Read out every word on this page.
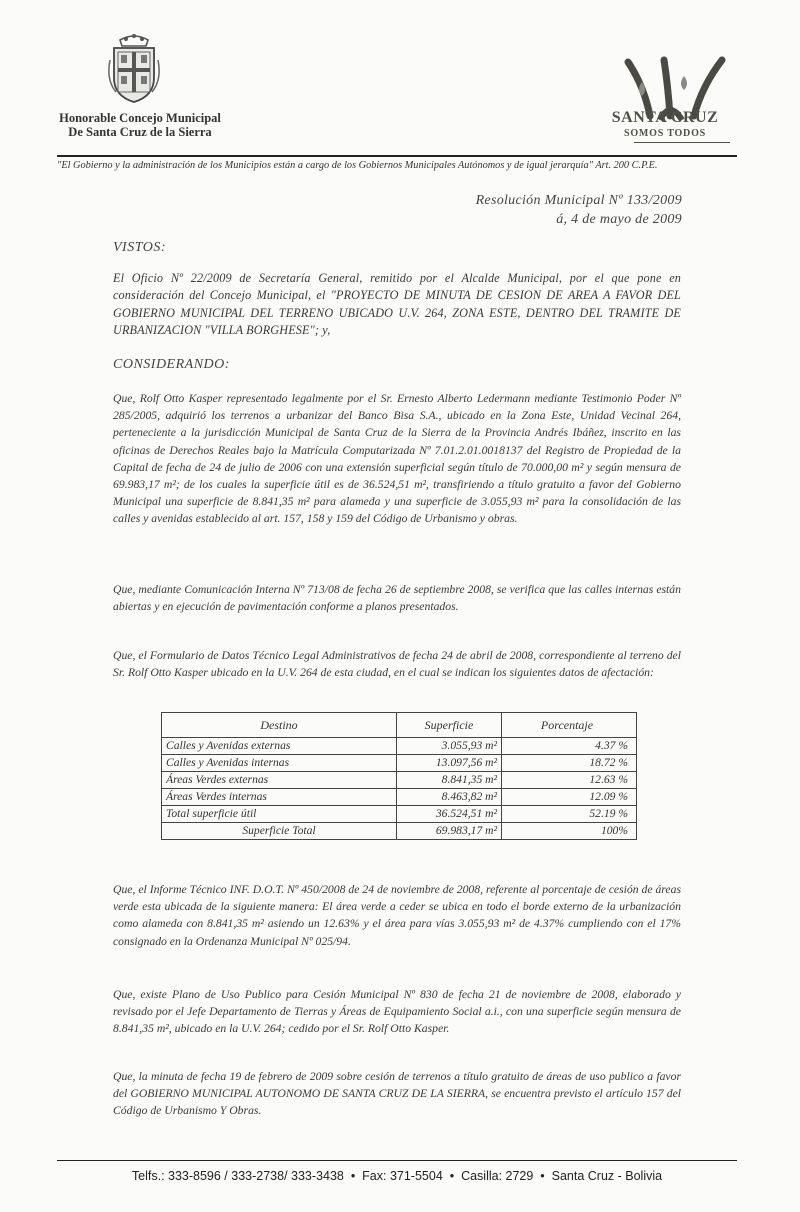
Honorable Concejo Municipal
De Santa Cruz de la Sierra
SANTA CRUZ
SOMOS TODOS
"El Gobierno y la administración de los Municipios están a cargo de los Gobiernos Municipales Autónomos y de igual jerarquía" Art. 200 C.P.E.
Resolución Municipal Nº 133/2009
á, 4 de mayo de 2009
VISTOS:

El Oficio Nº 22/2009 de Secretaría General, remitido por el Alcalde Municipal, por el que pone en consideración del Concejo Municipal, el "PROYECTO DE MINUTA DE CESION DE AREA A FAVOR DEL GOBIERNO MUNICIPAL DEL TERRENO UBICADO U.V. 264, ZONA ESTE, DENTRO DEL TRAMITE DE URBANIZACION "VILLA BORGHESE"; y,

CONSIDERANDO:

Que, Rolf Otto Kasper representado legalmente por el Sr. Ernesto Alberto Ledermann mediante Testimonio Poder Nº 285/2005, adquirió los terrenos a urbanizar del Banco Bisa S.A., ubicado en la Zona Este, Unidad Vecinal 264, perteneciente a la jurisdicción Municipal de Santa Cruz de la Sierra de la Provincia Andrés Ibáñez, inscrito en las oficinas de Derechos Reales bajo la Matrícula Computarizada Nº 7.01.2.01.0018137 del Registro de Propiedad de la Capital de fecha de 24 de julio de 2006 con una extensión superficial según título de 70.000,00 m² y según mensura de 69.983,17 m²; de los cuales la superficie útil es de 36.524,51 m², transfiriendo a título gratuito a favor del Gobierno Municipal una superficie de 8.841,35 m² para alameda y una superficie de 3.055,93 m² para la consolidación de las calles y avenidas establecido al art. 157, 158 y 159 del Código de Urbanismo y obras.

Que, mediante Comunicación Interna Nº 713/08 de fecha 26 de septiembre 2008, se verifica que las calles internas están abiertas y en ejecución de pavimentación conforme a planos presentados.

Que, el Formulario de Datos Técnico Legal Administrativos de fecha 24 de abril de 2008, correspondiente al terreno del Sr. Rolf Otto Kasper ubicado en la U.V. 264 de esta ciudad, en el cual se indican los siguientes datos de afectación:

Destino	Superficie	Porcentaje
Calles y Avenidas externas	3.055,93 m²	4.37 %
Calles y Avenidas internas	13.097,56 m²	18.72 %
Áreas Verdes externas	8.841,35 m²	12.63 %
Áreas Verdes internas	8.463,82 m²	12.09 %
Total superficie útil	36.524,51 m²	52.19 %
Superficie Total	69.983,17 m²	100%

Que, el Informe Técnico INF. D.O.T. Nº 450/2008 de 24 de noviembre de 2008, referente al porcentaje de cesión de áreas verde esta ubicada de la siguiente manera: El área verde a ceder se ubica en todo el borde externo de la urbanización como alameda con 8.841,35 m² asiendo un 12.63% y el área para vías 3.055,93 m² de 4.37% cumpliendo con el 17% consignado en la Ordenanza Municipal Nº 025/94.

Que, existe Plano de Uso Publico para Cesión Municipal Nº 830 de fecha 21 de noviembre de 2008, elaborado y revisado por el Jefe Departamento de Tierras y Áreas de Equipamiento Social a.i., con una superficie según mensura de 8.841,35 m², ubicado en la U.V. 264; cedido por el Sr. Rolf Otto Kasper.

Que, la minuta de fecha 19 de febrero de 2009 sobre cesión de terrenos a título gratuito de áreas de uso publico a favor del GOBIERNO MUNICIPAL AUTONOMO DE SANTA CRUZ DE LA SIERRA, se encuentra previsto el artículo 157 del Código de Urbanismo Y Obras.

Telfs.: 333-8596 / 333-2738/ 333-3438 • Fax: 371-5504 • Casilla: 2729 • Santa Cruz - Bolivia
